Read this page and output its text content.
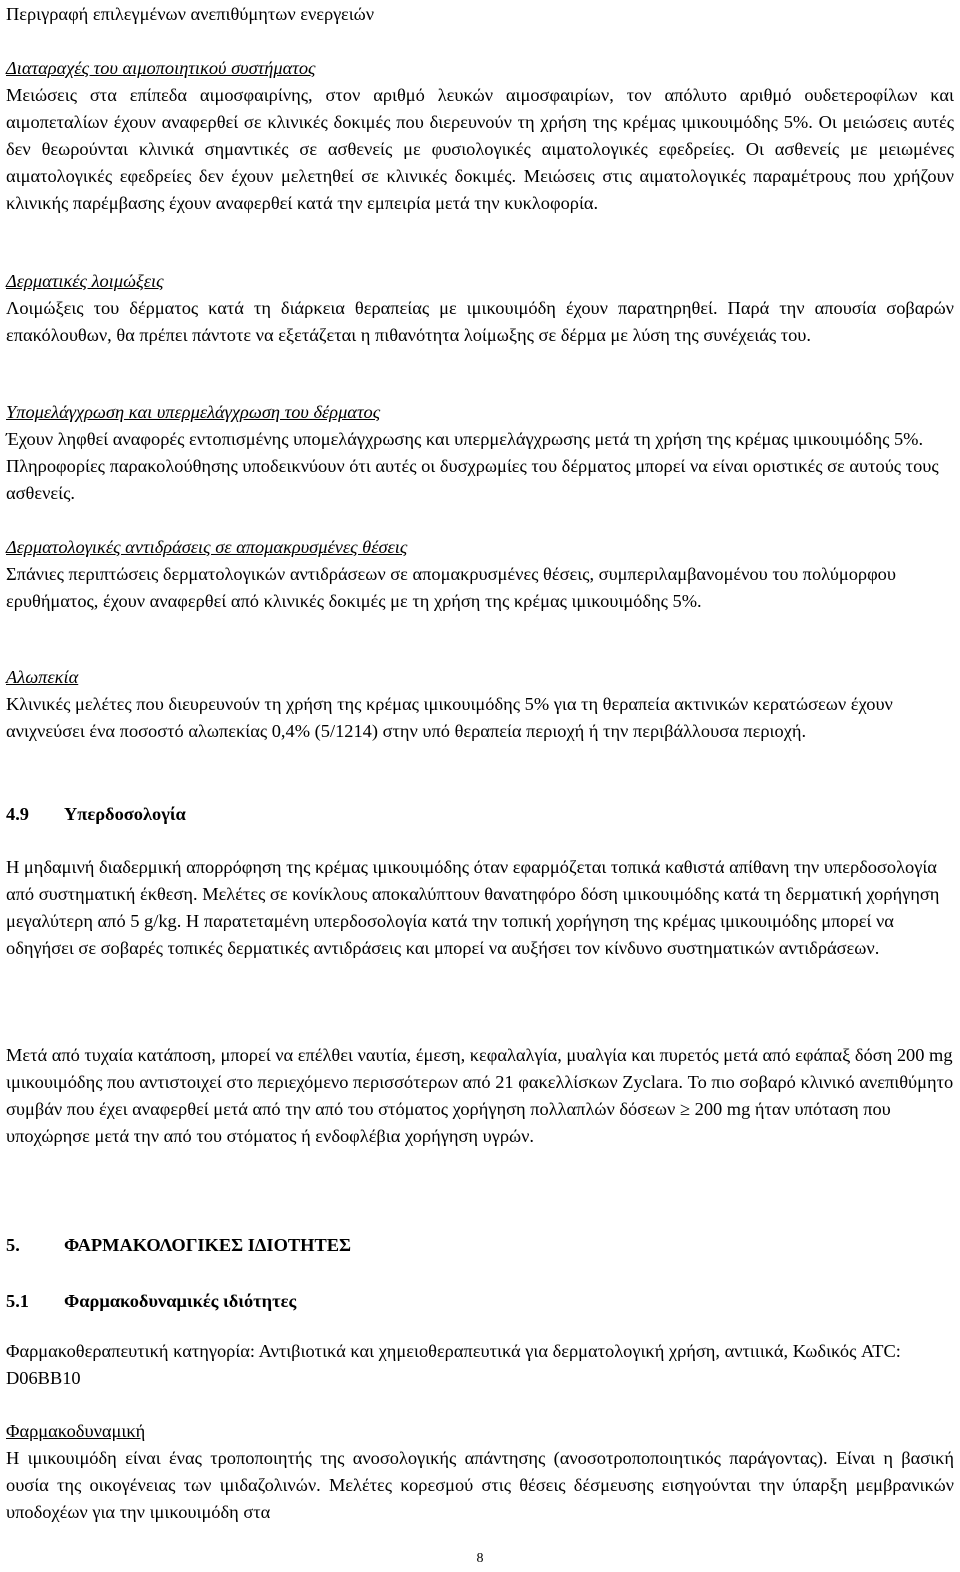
Περιγραφή επιλεγμένων ανεπιθύμητων ενεργειών
Διαταραχές του αιμοποιητικού συστήματος

Μειώσεις στα επίπεδα αιμοσφαιρίνης, στον αριθμό λευκών αιμοσφαιρίων, τον απόλυτο αριθμό ουδετεροφίλων και αιμοπεταλίων έχουν αναφερθεί σε κλινικές δοκιμές που διερευνούν τη χρήση της κρέμας ιμικουιμόδης 5%. Οι μειώσεις αυτές δεν θεωρούνται κλινικά σημαντικές σε ασθενείς με φυσιολογικές αιματολογικές εφεδρείες. Οι ασθενείς με μειωμένες αιματολογικές εφεδρείες δεν έχουν μελετηθεί σε κλινικές δοκιμές. Μειώσεις στις αιματολογικές παραμέτρους που χρήζουν κλινικής παρέμβασης έχουν αναφερθεί κατά την εμπειρία μετά την κυκλοφορία.

Δερματικές λοιμώξεις

Λοιμώξεις του δέρματος κατά τη διάρκεια θεραπείας με ιμικουιμόδη έχουν παρατηρηθεί. Παρά την απουσία σοβαρών επακόλουθων, θα πρέπει πάντοτε να εξετάζεται η πιθανότητα λοίμωξης σε δέρμα με λύση της συνέχειάς του.

Υπομελάγχρωση και υπερμελάγχρωση του δέρματος

Έχουν ληφθεί αναφορές εντοπισμένης υπομελάγχρωσης και υπερμελάγχρωσης μετά τη χρήση της κρέμας ιμικουιμόδης 5%. Πληροφορίες παρακολούθησης υποδεικνύουν ότι αυτές οι δυσχρωμίες του δέρματος μπορεί να είναι οριστικές σε αυτούς τους ασθενείς.

Δερματολογικές αντιδράσεις σε απομακρυσμένες θέσεις

Σπάνιες περιπτώσεις δερματολογικών αντιδράσεων σε απομακρυσμένες θέσεις, συμπεριλαμβανομένου του πολύμορφου ερυθήματος, έχουν αναφερθεί από κλινικές δοκιμές με τη χρήση της κρέμας ιμικουιμόδης 5%.

Αλωπεκία

Κλινικές μελέτες που διευρευνούν τη χρήση της κρέμας ιμικουιμόδης 5% για τη θεραπεία ακτινικών κερατώσεων έχουν ανιχνεύσει ένα ποσοστό αλωπεκίας 0,4% (5/1214) στην υπό θεραπεία περιοχή ή την περιβάλλουσα περιοχή.

4.9 Υπερδοσολογία

Η μηδαμινή διαδερμική απορρόφηση της κρέμας ιμικουιμόδης όταν εφαρμόζεται τοπικά καθιστά απίθανη την υπερδοσολογία από συστηματική έκθεση. Μελέτες σε κονίκλους αποκαλύπτουν θανατηφόρο δόση ιμικουιμόδης κατά τη δερματική χορήγηση μεγαλύτερη από 5 g/kg. Η παρατεταμένη υπερδοσολογία κατά την τοπική χορήγηση της κρέμας ιμικουιμόδης μπορεί να οδηγήσει σε σοβαρές τοπικές δερματικές αντιδράσεις και μπορεί να αυξήσει τον κίνδυνο συστηματικών αντιδράσεων.

Μετά από τυχαία κατάποση, μπορεί να επέλθει ναυτία, έμεση, κεφαλαλγία, μυαλγία και πυρετός μετά από εφάπαξ δόση 200 mg ιμικουιμόδης που αντιστοιχεί στο περιεχόμενο περισσότερων από 21 φακελλίσκων Zyclara. Το πιο σοβαρό κλινικό ανεπιθύμητο συμβάν που έχει αναφερθεί μετά από την από του στόματος χορήγηση πολλαπλών δόσεων ≥ 200 mg ήταν υπόταση που υποχώρησε μετά την από του στόματος ή ενδοφλέβια χορήγηση υγρών.

5. ΦΑΡΜΑΚΟΛΟΓΙΚΕΣ ΙΔΙΟΤΗΤΕΣ
5.1 Φαρμακοδυναμικές ιδιότητες

Φαρμακοθεραπευτική κατηγορία: Αντιβιοτικά και χημειοθεραπευτικά για δερματολογική χρήση, αντιιικά, Κωδικός ATC: D06BB10

Φαρμακοδυναμική

Η ιμικουιμόδη είναι ένας τροποποιητής της ανοσολογικής απάντησης (ανοσοτροποποιητικός παράγοντας). Είναι η βασική ουσία της οικογένειας των ιμιδαζολινών. Μελέτες κορεσμού στις θέσεις δέσμευσης εισηγούνται την ύπαρξη μεμβρανικών υποδοχέων για την ιμικουιμόδη στα

8
